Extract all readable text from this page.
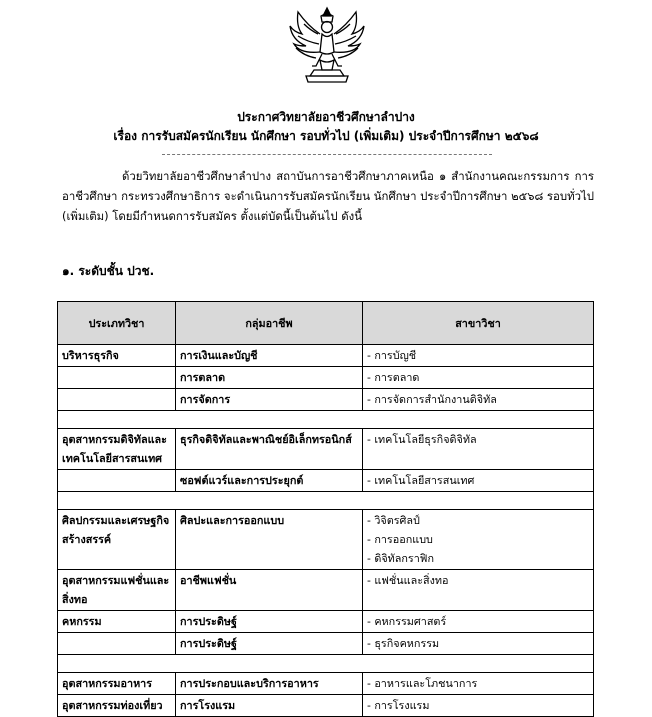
ประกาศวิทยาลัยอาชีวศึกษาลำปาง
เรื่อง การรับสมัครนักเรียน นักศึกษา รอบทั่วไป (เพิ่มเติม) ประจำปีการศึกษา ๒๕๖๘
ด้วยวิทยาลัยอาชีวศึกษาลำปาง สถาบันการอาชีวศึกษาภาคเหนือ ๑ สำนักงานคณะกรรมการ การอาชีวศึกษา กระทรวงศึกษาธิการ จะดำเนินการรับสมัครนักเรียน นักศึกษา ประจำปีการศึกษา ๒๕๖๘ รอบทั่วไป (เพิ่มเติม) โดยมีกำหนดการรับสมัคร ตั้งแต่บัดนี้เป็นต้นไป ดังนี้
๑. ระดับชั้น ปวช.
ประเภทวิชา	กลุ่มอาชีพ	สาขาวิชา
บริหารธุรกิจ	การเงินและบัญชี	- การบัญชี
	การตลาด	- การตลาด
	การจัดการ	- การจัดการสำนักงานดิจิทัล

อุตสาหกรรมดิจิทัลและเทคโนโลยีสารสนเทศ	ธุรกิจดิจิทัลและพาณิชย์อิเล็กทรอนิกส์	- เทคโนโลยีธุรกิจดิจิทัล
	ซอฟต์แวร์และการประยุกต์	- เทคโนโลยีสารสนเทศ

ศิลปกรรมและเศรษฐกิจสร้างสรรค์	ศิลปะและการออกแบบ	- วิจิตรศิลป์
- การออกแบบ
- ดิจิทัลกราฟิก

อุตสาหกรรมแฟชั่นและสิ่งทอ	อาชีพแฟชั่น	- แฟชั่นและสิ่งทอ
คหกรรม	การประดิษฐ์	- คหกรรมศาสตร์
	การประดิษฐ์	- ธุรกิจคหกรรม

อุตสาหกรรมอาหาร	การประกอบและบริการอาหาร	- อาหารและโภชนาการ
อุตสาหกรรมท่องเที่ยว	การโรงแรม	- การโรงแรม
